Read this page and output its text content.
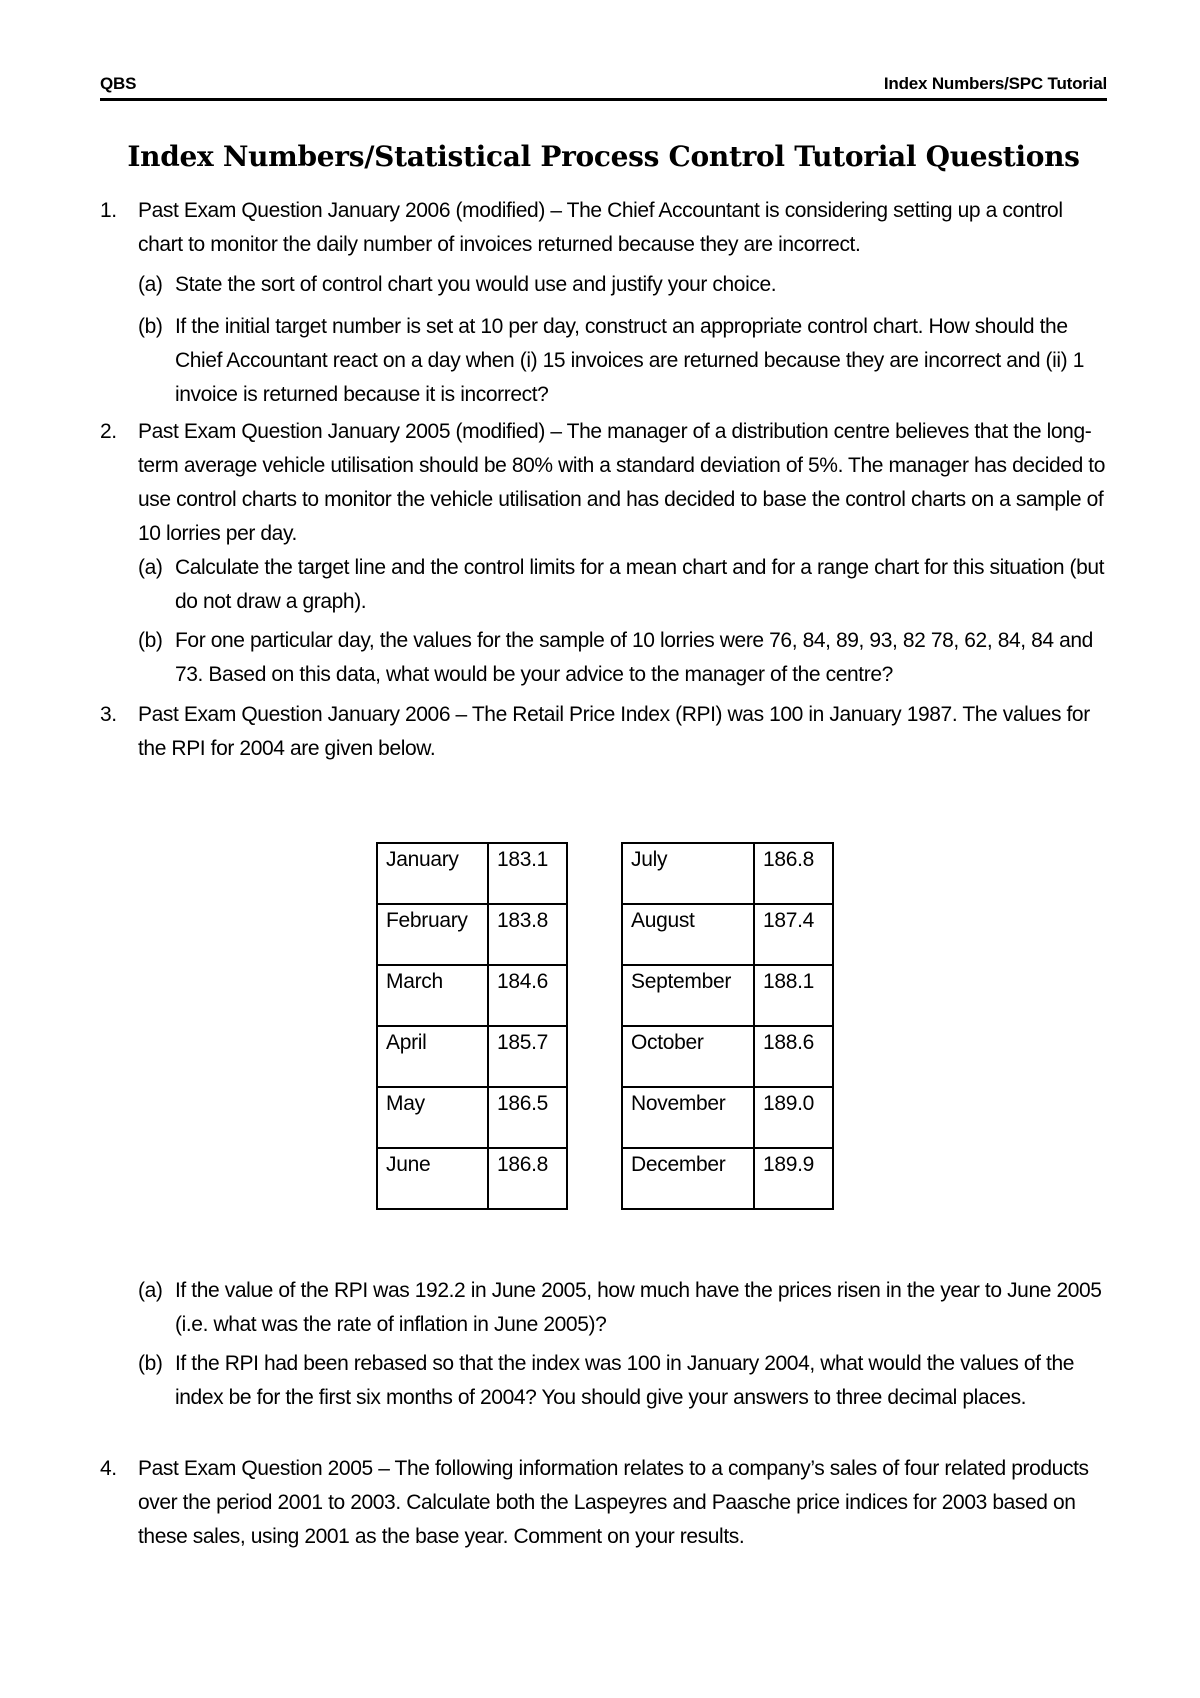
QBS	Index Numbers/SPC Tutorial
Index Numbers/Statistical Process Control Tutorial Questions
1. Past Exam Question January 2006 (modified) – The Chief Accountant is considering setting up a control chart to monitor the daily number of invoices returned because they are incorrect.
(a) State the sort of control chart you would use and justify your choice.
(b) If the initial target number is set at 10 per day, construct an appropriate control chart. How should the Chief Accountant react on a day when (i) 15 invoices are returned because they are incorrect and (ii) 1 invoice is returned because it is incorrect?
2. Past Exam Question January 2005 (modified) – The manager of a distribution centre believes that the long-term average vehicle utilisation should be 80% with a standard deviation of 5%. The manager has decided to use control charts to monitor the vehicle utilisation and has decided to base the control charts on a sample of 10 lorries per day.
(a) Calculate the target line and the control limits for a mean chart and for a range chart for this situation (but do not draw a graph).
(b) For one particular day, the values for the sample of 10 lorries were 76, 84, 89, 93, 82 78, 62, 84, 84 and 73. Based on this data, what would be your advice to the manager of the centre?
3. Past Exam Question January 2006 – The Retail Price Index (RPI) was 100 in January 1987. The values for the RPI for 2004 are given below.
January	183.1

February	183.8

March	184.6

April	185.7

May	186.5

June	186.8
July	186.8

August	187.4

September	188.1

October	188.6

November	189.0

December	189.9
(a) If the value of the RPI was 192.2 in June 2005, how much have the prices risen in the year to June 2005 (i.e. what was the rate of inflation in June 2005)?
(b) If the RPI had been rebased so that the index was 100 in January 2004, what would the values of the index be for the first six months of 2004? You should give your answers to three decimal places.
4. Past Exam Question 2005 – The following information relates to a company’s sales of four related products over the period 2001 to 2003. Calculate both the Laspeyres and Paasche price indices for 2003 based on these sales, using 2001 as the base year. Comment on your results.
